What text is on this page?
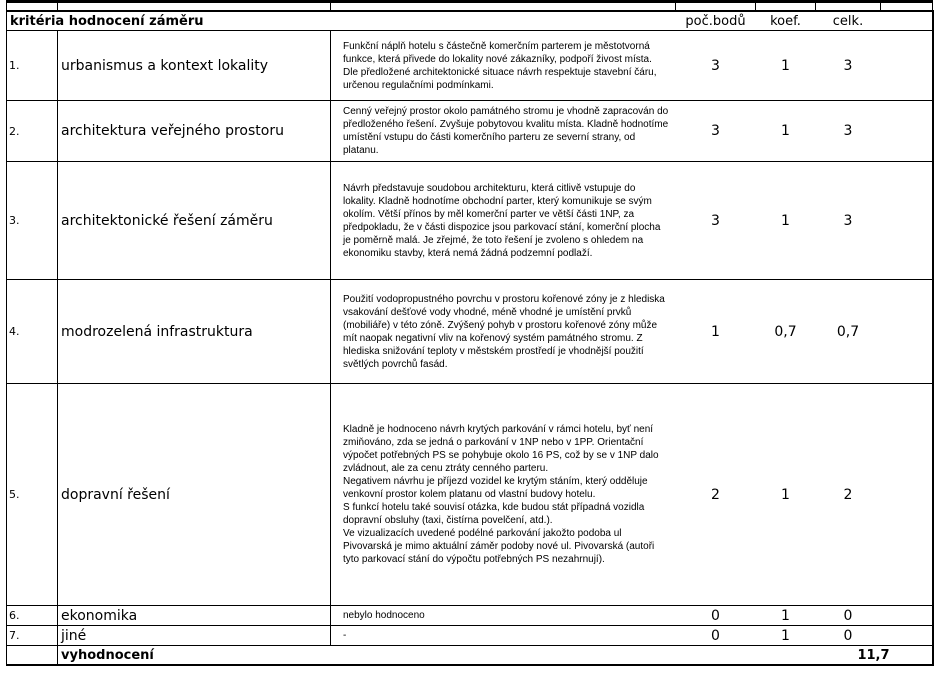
kritéria hodnocení záměru			poč.bodů	koef.	celk.	
1.	urbanismus a kontext lokality	Funkční náplň hotelu s částečně komerčním parterem je městotvorná funkce, která přivede do lokality nové zákazníky, podpoří živost místa. Dle předložené architektonické situace návrh respektuje stavební čáru, určenou regulačními podmínkami.	3	1	3	
2.	architektura veřejného prostoru	Cenný veřejný prostor okolo památného stromu je vhodně zapracován do předloženého řešení. Zvyšuje pobytovou kvalitu místa. Kladně hodnotíme umístění vstupu do části komerčního parteru ze severní strany, od platanu.	3	1	3	
3.	architektonické řešení záměru	Návrh představuje soudobou architekturu, která citlivě vstupuje do lokality. Kladně hodnotíme obchodní parter, který komunikuje se svým okolím. Větší přínos by měl komerční parter ve větší části 1NP, za předpokladu, že v části dispozice jsou parkovací stání, komerční plocha je poměrně malá. Je zřejmé, že toto řešení je zvoleno s ohledem na ekonomiku stavby, která nemá žádná podzemní podlaží.	3	1	3	
4.	modrozelená infrastruktura	Použití vodopropustného povrchu v prostoru kořenové zóny je z hlediska vsakování dešťové vody vhodné, méně vhodné je umístění prvků (mobiliáře) v této zóně. Zvýšený pohyb v prostoru kořenové zóny může mít naopak negativní vliv na kořenový systém památného stromu. Z hlediska snižování teploty v městském prostředí je vhodnější použití světlých povrchů fasád.	1	0,7	0,7	
5.	dopravní řešení	Kladně je hodnoceno návrh krytých parkování v rámci hotelu, byť není zmiňováno, zda se jedná o parkování v 1NP nebo v 1PP. Orientační výpočet potřebných PS se pohybuje okolo 16 PS, což by se v 1NP dalo zvládnout, ale za cenu ztráty cenného parteru.
Negativem návrhu je příjezd vozidel ke krytým stáním, který odděluje venkovní prostor kolem platanu od vlastní budovy hotelu.
S funkcí hotelu také souvisí otázka, kde budou stát případná vozidla dopravní obsluhy (taxi, čistírna povelčení, atd.).
Ve vizualizacích uvedené podélné parkování jakožto podoba ul Pivovarská je mimo aktuální záměr podoby nové ul. Pivovarská (autoři tyto parkovací stání do výpočtu potřebných PS nezahrnují).	2	1	2	
6.	ekonomika	nebylo hodnoceno	0	1	0	
7.	jiné	-	0	1	0	
	vyhodnocení				11,7	
